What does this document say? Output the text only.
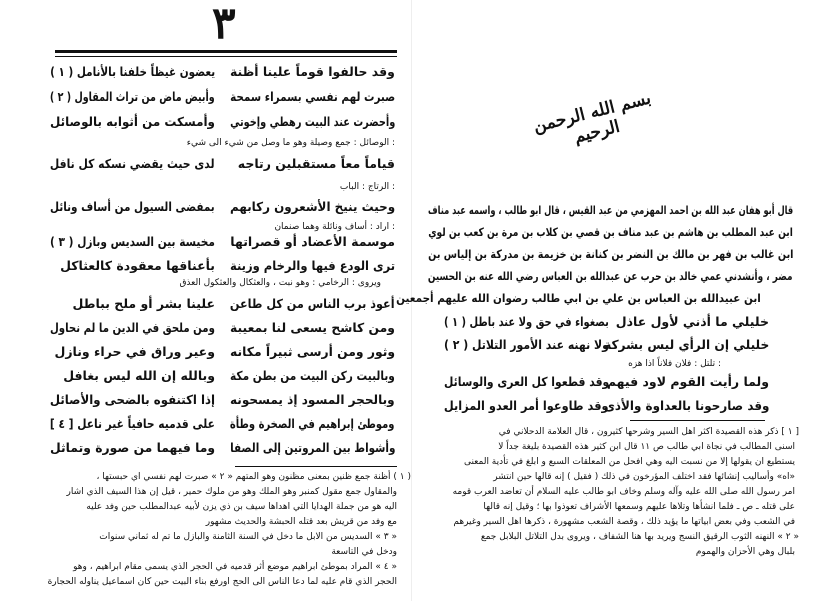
٣
وقد حالفوا قوماً علينا أظنة
يعضون غيظاً خلفنا بالأنامل ( ١ )
صبرت لهم نفسي بسمراء سمحة
وأبيض ماض من تراث المقاول ( ٢ )
وأحضرت عند البيت رهطي وإخوتي
وأمسكت من أثوابه بالوصائل
: الوصائل : جمع وصيلة وهو ما وصل من شيء الى شيء
قياماً معاً مستقبلين رتاجه
لدى حيث يقضي نسكه كل نافل
: الرتاج : الباب
وحيث ينيخ الأشعرون ركابهم
بمفضى السيول من أساف ونائل
: اراد : أساف ونائلة وهما صنمان
موسمة الأعضاد أو قصراتها
مخيسة بين السديس وبازل ( ٣ )
ترى الودع فيها والرخام وزينة
بأعناقها معقودة كالعثاكل
ويروى : الرخامي : وهو نبت ، والعثكال والعثكول العذق
أعوذ برب الناس من كل طاعن
علينا بشر أو ملح بباطل
ومن كاشح يسعى لنا بمعيبة
ومن ملحق في الدين ما لم نحاول
وثور ومن أرسى ثبيراً مكانه
وعير وراق في حراء ونازل
وبالبيت ركن البيت من بطن مكة
وبالله إن الله ليس بغافل
وبالحجر المسود إذ يمسحونه
إذا اكتنفوه بالضحى والأصائل
وموطئ إبراهيم في الصخرة وطأة
على قدميه حافياً غير ناعل [ ٤ ]
وأشواط بين المروتين إلى الصفا
وما فيهما من صورة وتماثل
( ١ ) أظنة جمع ظنين بمعنى مظنون وهو المتهم « ٢ » صبرت لهم نفسي اي حبستها ،
والمقاول جمع مقول كمنبر وهو الملك وهو من ملوك حمير ، قيل إن هذا السيف الذي اشار
اليه هو من جملة الهدايا التي اهداها سيف بن ذي يزن لأبيه عبدالمطلب حين وفد عليه
مع وفد من قريش بعد قتله الحبشة والحديث مشهور
« ٣ » السديس من الابل ما دخل في السنة الثامنة والبازل ما تم له ثماني سنوات
ودخل في التاسعة
« ٤ » المراد بموطئ ابراهيم موضع أثر قدميه في الحجر الذي يسمى مقام ابراهيم ، وهو
الحجر الذي قام عليه لما دعا الناس الى الحج اورفع بناء البيت حين كان اسماعيل يناوله الحجارة
بسم الله الرحمن الرحيم
قال أبو هفان عبد الله بن احمد المهزمي من عبد القيس ، قال ابو طالب ، واسمه عبد مناف
ابن عبد المطلب بن هاشم بن عبد مناف بن قصي بن كلاب بن مرة بن كعب بن لوي
ابن غالب بن فهر بن مالك بن النضر بن كنانة بن خزيمة بن مدركة بن إلياس بن
مضر ، وأنشدني عمي خالد بن حرب عن عبدالله بن العباس رضي الله عنه بن الحسين
ابن عبيدالله بن العباس بن علي بن ابي طالب رضوان الله عليهم أجمعين
خليلي ما أذني لأول عاذل
بصغواء في حق ولا عند باطل ( ١ )
خليلي إن الرأي ليس بشركة
ولا نهنه عند الأمور التلاتل ( ٢ )
ولما رأيت القوم لاود فيهم
وقد قطعوا كل العرى والوسائل
وقد صارحونا بالعداوة والأذى
وقد طاوعوا أمر العدو المزايل
: تلتل : فلان فلاناً اذا هزه
[ ١ ] ذكر هذه القصيدة اكثر اهل السير وشرحها كثيرون ، قال العلامة الدحلاني في
اسنى المطالب في نجاة ابي طالب ص ١١ قال ابن كثير هذه القصيدة بليغة جداً لا
يستطيع ان يقولها إلا من نسبت اليه وهي افحل من المعلقات السبع و ابلغ في تأدية المعنى
«اه» وأساليب إنشائها فقد اختلف المؤرخون في ذلك ( فقيل ) إنه قالها حين انتشر
امر رسول الله صلى الله عليه وآله وسلم وخاف ابو طالب عليه السلام أن تعاضد العرب قومه
على قتله ـ ص ـ فلما انشأها وتلاها عليهم وسمعها الأشراف تعوذوا بها ؛ وقيل إنه قالها
في الشعب وفي بعض ابياتها ما يؤيد ذلك ، وقصة الشعب مشهورة ، ذكرها اهل السير وغيرهم
« ٢ » النهنه الثوب الرقيق النسج ويريد بها هنا الشفاف ، ويروى بدل التلاتل البلابل جمع
بلبال وهي الأحزان والهموم
